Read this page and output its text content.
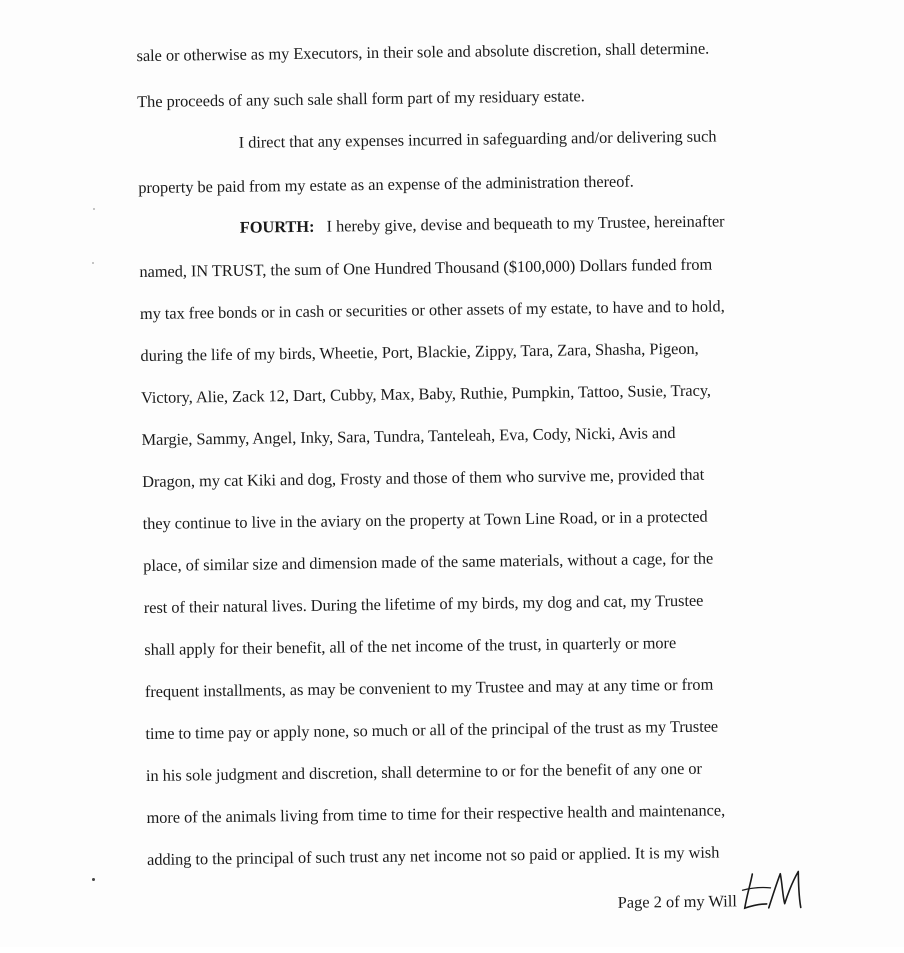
sale or otherwise as my Executors, in their sole and absolute discretion, shall determine.
The proceeds of any such sale shall form part of my residuary estate.
I direct that any expenses incurred in safeguarding and/or delivering such
property be paid from my estate as an expense of the administration thereof.
FOURTH: I hereby give, devise and bequeath to my Trustee, hereinafter
named, IN TRUST, the sum of One Hundred Thousand ($100,000) Dollars funded from
my tax free bonds or in cash or securities or other assets of my estate, to have and to hold,
during the life of my birds, Wheetie, Port, Blackie, Zippy, Tara, Zara, Shasha, Pigeon,
Victory, Alie, Zack 12, Dart, Cubby, Max, Baby, Ruthie, Pumpkin, Tattoo, Susie, Tracy,
Margie, Sammy, Angel, Inky, Sara, Tundra, Tanteleah, Eva, Cody, Nicki, Avis and
Dragon, my cat Kiki and dog, Frosty and those of them who survive me, provided that
they continue to live in the aviary on the property at Town Line Road, or in a protected
place, of similar size and dimension made of the same materials, without a cage, for the
rest of their natural lives. During the lifetime of my birds, my dog and cat, my Trustee
shall apply for their benefit, all of the net income of the trust, in quarterly or more
frequent installments, as may be convenient to my Trustee and may at any time or from
time to time pay or apply none, so much or all of the principal of the trust as my Trustee
in his sole judgment and discretion, shall determine to or for the benefit of any one or
more of the animals living from time to time for their respective health and maintenance,
adding to the principal of such trust any net income not so paid or applied. It is my wish
Page 2 of my Will
